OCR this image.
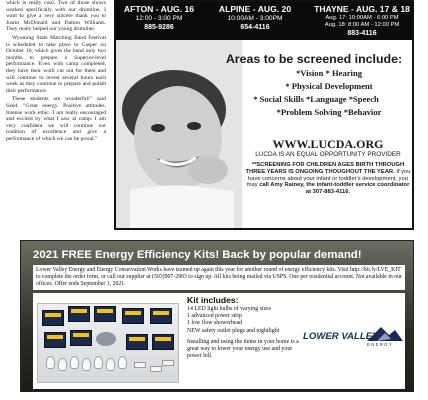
which is really cool. Two of those shows worked specifically with our drumline. I want to give a very sincere thank you to Justin McDonald and Dalton Williams. They really helped our young drumline.

Wyoming State Marching Band Festival is scheduled to take place in Casper on October 16, which gives the band only two months to prepare a Superior-level performance. Even with camp completed, they have their work cut out for them and will continue to invest several hours each week as they continue to prepare and polish their performance.

These students are wonderful!" said Sand. "Great energy. Positive attitudes. Intense work ethic. I am really encouraged and excited by what I saw at camp. I am very confident we will continue our tradition of excellence and give a performance of which we can be proud."

AFTON - AUG. 16
12:00 - 3:00 PM
885-9286
ALPINE - AUG. 20
10:00AM - 3:00PM
654-4116
THAYNE - AUG. 17 & 18
Aug. 17: 10:00AM - 6:00 PM
Aug. 18: 8:00 AM - 12:00 PM
883-4116
Areas to be screened include:
*Vision * Hearing
* Physical Development
* Social Skills *Language *Speech
*Problem Solving *Behavior
WWW.LUCDA.ORG
LUCDA IS AN EQUAL OPPORTUNITY PROVIDER
**SCREENING FOR CHILDREN AGES BIRTH THROUGH THREE YEARS IS ONGOING THOUGHOUT THE YEAR. If you have concerns about your infant or toddler's development, you may call Amy Rainey, the infant-toddler service coordinator at 307-883-4116.
2021 FREE Energy Efficiency Kits! Back by popular demand!
Lower Valley Energy and Energy Conservation Works have teamed up again this year for another round of energy efficiency kits. Visit http://bit.ly/LVE_KIT to complete the order form, or call our supplier at (503)907-2903 to sign up. All kits being mailed via USPS. One per residential account. Not available in our offices. Offer ends September 1, 2021.
Kit includes:
14 LED light bulbs of varying sizes
1 advanced power strip
1 low flow showerhead
NEW safety outlet plugs and nightlight
Installing and using the items in your home is a great way to lower your energy use and your power bill.
LOWER VALLEY
ENERGY
